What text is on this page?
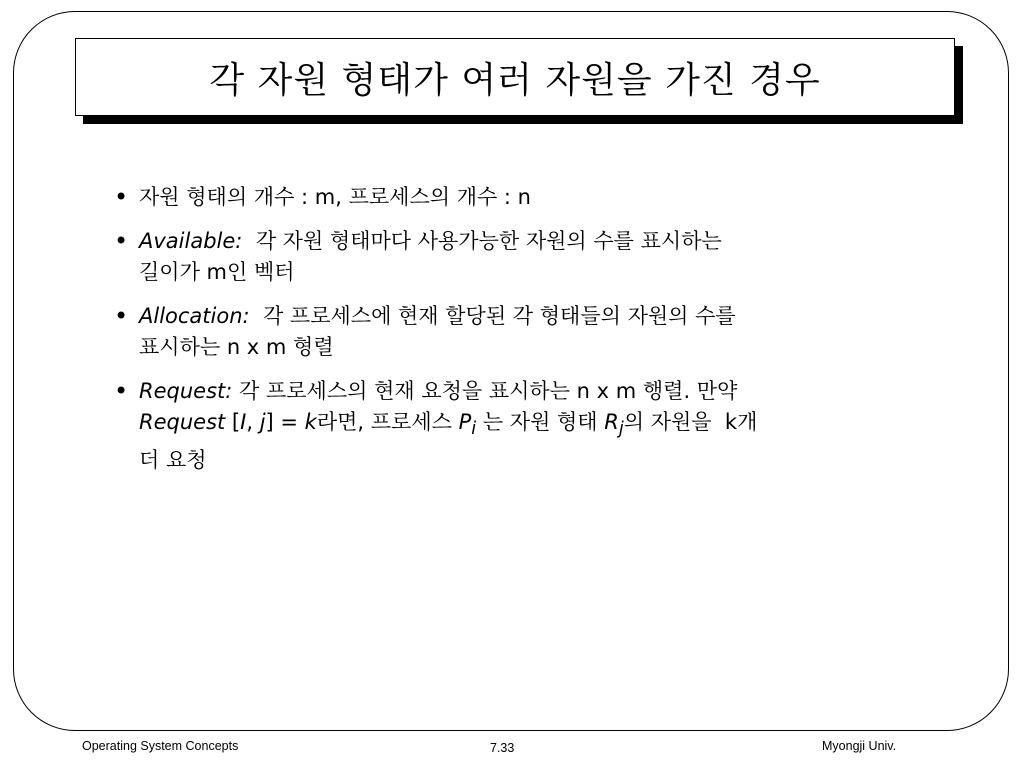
각 자원 형태가 여러 자원을 가진 경우
• 자원 형태의 개수 : m, 프로세스의 개수 : n
• Available:  각 자원 형태마다 사용가능한 자원의 수를 표시하는
길이가 m인 벡터
• Allocation:  각 프로세스에 현재 할당된 각 형태들의 자원의 수를
표시하는 n x m 형렬
• Request: 각 프로세스의 현재 요청을 표시하는 n x m 행렬. 만약
Request [I, j] = k라면, 프로세스 $P_i$ 는 자원 형태 $R_j$의 자원을  k개
더 요청
Operating System Concepts	7.33	Myongji Univ.
